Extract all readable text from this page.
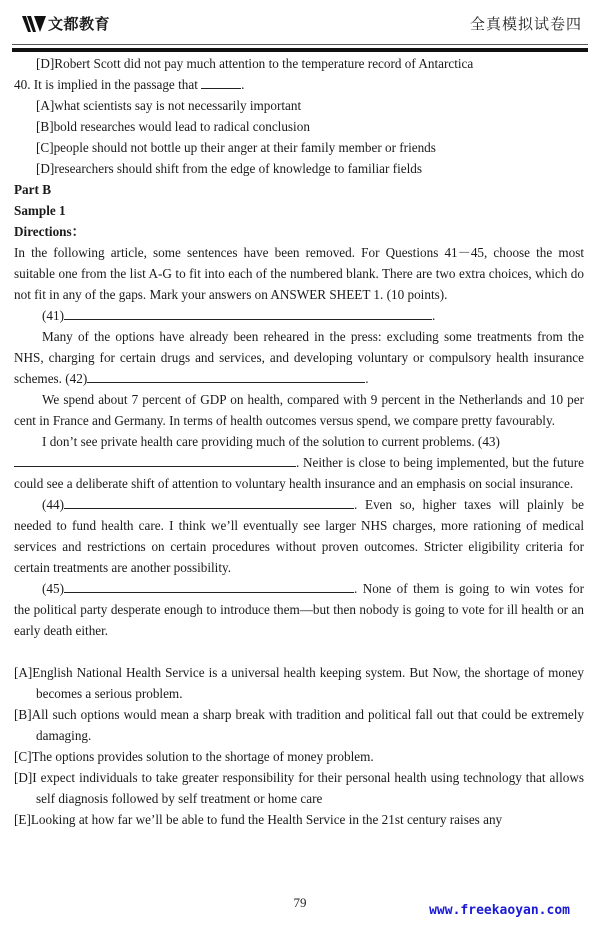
文都教育	全真模拟试卷四
[D]Robert Scott did not pay much attention to the temperature record of Antarctica
40. It is implied in the passage that	.
[A]what scientists say is not necessarily important
[B]bold researches would lead to radical conclusion
[C]people should not bottle up their anger at their family member or friends
[D]researchers should shift from the edge of knowledge to familiar fields
Part B
Sample 1
Directions：
In the following article, some sentences have been removed. For Questions 41－45, choose the most suitable one from the list A-G to fit into each of the numbered blank. There are two extra choices, which do not fit in any of the gaps. Mark your answers on ANSWER SHEET 1. (10 points).
(41)	.
Many of the options have already been reheared in the press: excluding some treatments from the NHS, charging for certain drugs and services, and developing voluntary or compulsory health insurance schemes. (42)	.
We spend about 7 percent of GDP on health, compared with 9 percent in the Netherlands and 10 per cent in France and Germany. In terms of health outcomes versus spend, we compare pretty favourably.
I don’t see private health care providing much of the solution to current problems. (43)
. Neither is close to being implemented, but the future could see a deliberate shift of attention to voluntary health insurance and an emphasis on social insurance.
(44)	. Even so, higher taxes will plainly be needed to fund health care. I think we’ll eventually see larger NHS charges, more rationing of medical services and restrictions on certain procedures without proven outcomes. Stricter eligibility criteria for certain treatments are another possibility.
(45)	. None of them is going to win votes for the political party desperate enough to introduce them—but then nobody is going to vote for ill health or an early death either.
[A]English National Health Service is a universal health keeping system. But Now, the shortage of money becomes a serious problem.
[B]All such options would mean a sharp break with tradition and political fall out that could be extremely damaging.
[C]The options provides solution to the shortage of money problem.
[D]I expect individuals to take greater responsibility for their personal health using technology that allows self diagnosis followed by self treatment or home care
[E]Looking at how far we’ll be able to fund the Health Service in the 21st century raises any
79
www.freekaoyan.com
